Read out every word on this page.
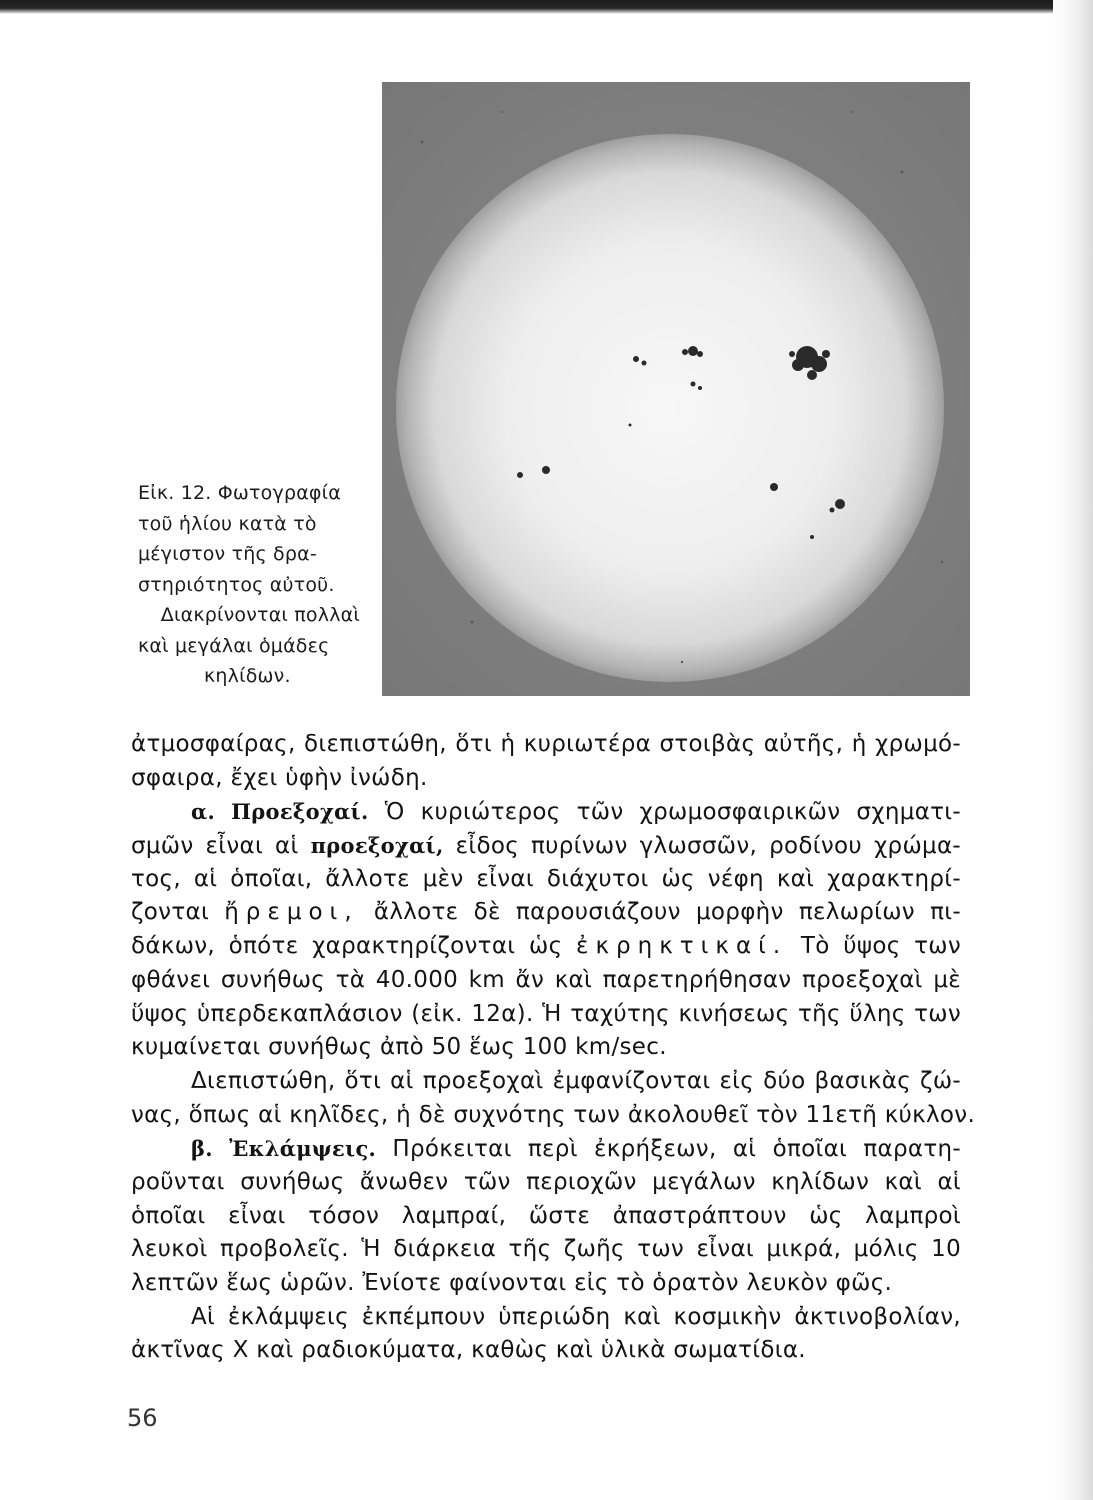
Εἰκ. 12. Φωτογραφία
τοῦ ἡλίου κατὰ τὸ
μέγιστον τῆς δρα-
στηριότητος αὐτοῦ.
Διακρίνονται πολλαὶ
καὶ μεγάλαι ὁμάδες
κηλίδων.
ἀτμοσφαίρας, διεπιστώθη, ὅτι ἡ κυριωτέρα στοιβὰς αὐτῆς, ἡ χρωμό-
σφαιρα, ἔχει ὑφὴν ἰνώδη.
α. Προεξοχαί. Ὁ κυριώτερος τῶν χρωμοσφαιρικῶν σχηματι-
σμῶν εἶναι αἱ προεξοχαί, εἶδος πυρίνων γλωσσῶν, ροδίνου χρώμα-
τος, αἱ ὁποῖαι, ἄλλοτε μὲν εἶναι διάχυτοι ὡς νέφη καὶ χαρακτηρί-
ζονται ἤρεμοι, ἄλλοτε δὲ παρουσιάζουν μορφὴν πελωρίων πι-
δάκων, ὁπότε χαρακτηρίζονται ὡς ἐκρηκτικαί. Τὸ ὕψος των
φθάνει συνήθως τὰ 40.000 km ἄν καὶ παρετηρήθησαν προεξοχαὶ μὲ
ὕψος ὑπερδεκαπλάσιον (εἰκ. 12α). Ἡ ταχύτης κινήσεως τῆς ὕλης των
κυμαίνεται συνήθως ἀπὸ 50 ἕως 100 km/sec.
Διεπιστώθη, ὅτι αἱ προεξοχαὶ ἐμφανίζονται εἰς δύο βασικὰς ζώ-
νας, ὅπως αἱ κηλῖδες, ἡ δὲ συχνότης των ἀκολουθεῖ τὸν 11ετῆ κύκλον.
β. Ἐκλάμψεις. Πρόκειται περὶ ἐκρήξεων, αἱ ὁποῖαι παρατη-
ροῦνται συνήθως ἄνωθεν τῶν περιοχῶν μεγάλων κηλίδων καὶ αἱ
ὁποῖαι εἶναι τόσον λαμπραί, ὥστε ἀπαστράπτουν ὡς λαμπροὶ
λευκοὶ προβολεῖς. Ἡ διάρκεια τῆς ζωῆς των εἶναι μικρά, μόλις 10
λεπτῶν ἕως ὡρῶν. Ἐνίοτε φαίνονται εἰς τὸ ὁρατὸν λευκὸν φῶς.
Αἱ ἐκλάμψεις ἐκπέμπουν ὑπεριώδη καὶ κοσμικὴν ἀκτινοβολίαν,
ἀκτῖνας Χ καὶ ραδιοκύματα, καθὼς καὶ ὑλικὰ σωματίδια.
56
